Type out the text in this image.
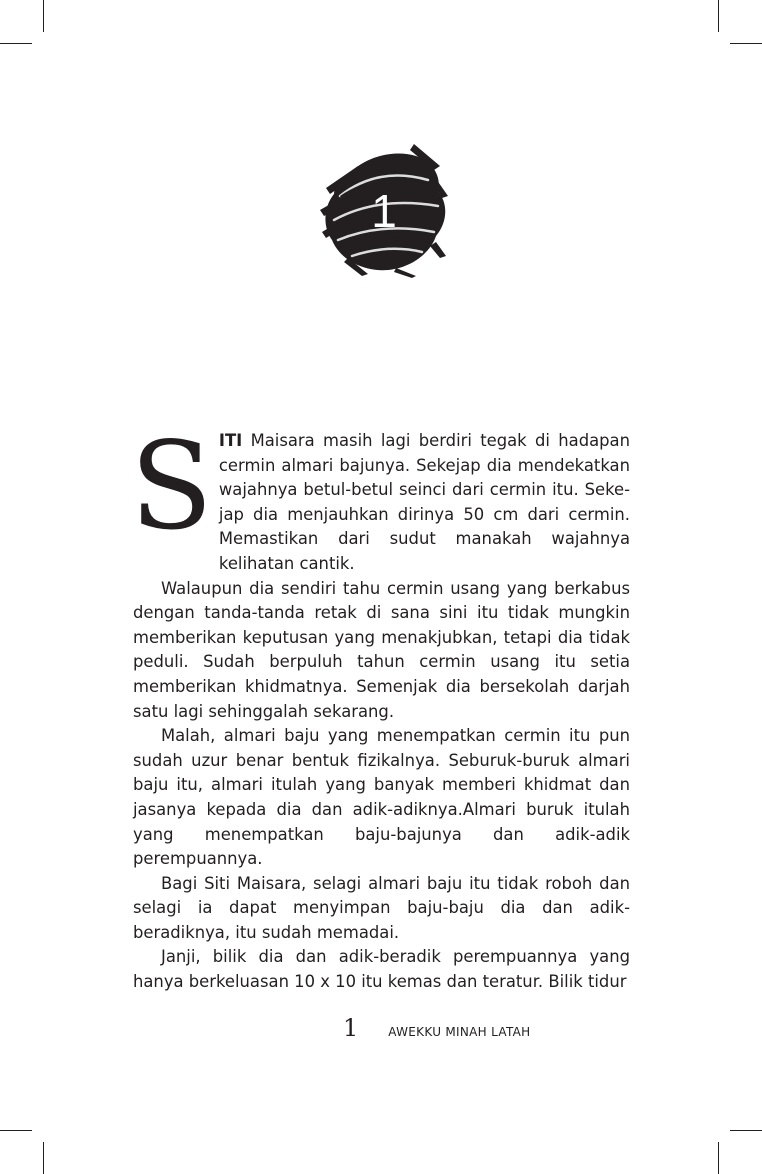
1

S ITI Maisara masih lagi berdiri tegak di hadapan cermin almari bajunya. Sekejap dia mendekatkan wajahnya betul-betul seinci dari cermin itu. Sekejap dia menjauhkan dirinya 50 cm dari cermin. Memastikan dari sudut manakah wajahnya kelihatan cantik.

Walaupun dia sendiri tahu cermin usang yang berkabus dengan tanda-tanda retak di sana sini itu tidak mungkin memberikan keputusan yang menakjubkan, tetapi dia tidak peduli. Sudah berpuluh tahun cermin usang itu setia memberikan khidmatnya. Semenjak dia bersekolah darjah satu lagi sehinggalah sekarang.

Malah, almari baju yang menempatkan cermin itu pun sudah uzur benar bentuk fizikalnya. Seburuk-buruk almari baju itu, almari itulah yang banyak memberi khidmat dan jasanya kepada dia dan adik-adiknya.Almari buruk itulah yang menempatkan baju-bajunya dan adik-adik perempuannya.

Bagi Siti Maisara, selagi almari baju itu tidak roboh dan selagi ia dapat menyimpan baju-baju dia dan adik-beradiknya, itu sudah memadai.

Janji, bilik dia dan adik-beradik perempuannya yang hanya berkeluasan 10 x 10 itu kemas dan teratur. Bilik tidur

1	AWEKKU MINAH LATAH
